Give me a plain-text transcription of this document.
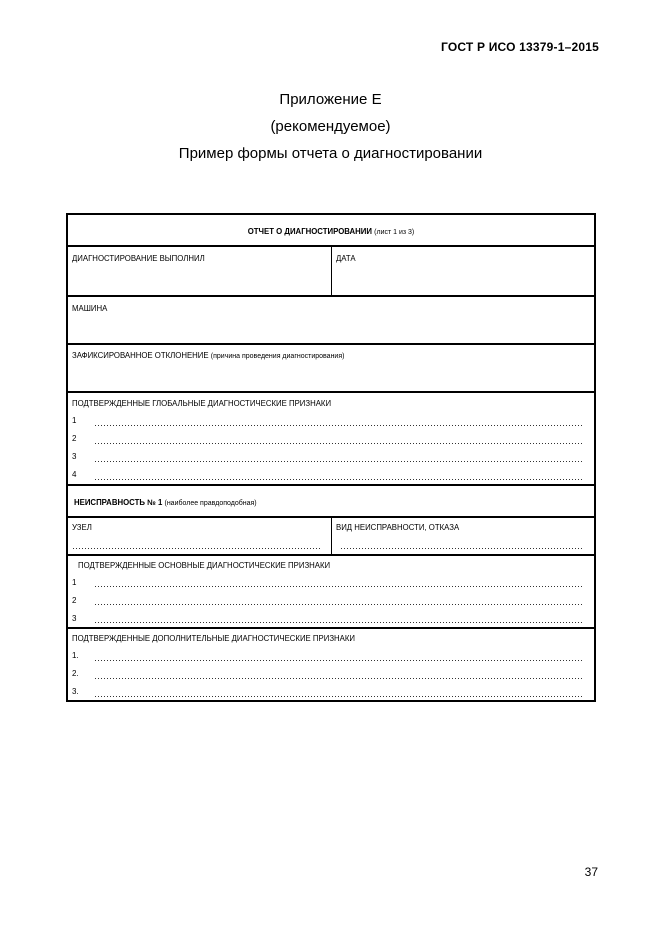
ГОСТ Р ИСО 13379-1–2015
Приложение Е
(рекомендуемое)
Пример формы отчета о диагностировании
ОТЧЕТ О ДИАГНОСТИРОВАНИИ (лист 1 из 3)
ДИАГНОСТИРОВАНИЕ ВЫПОЛНИЛ	ДАТА
МАШИНА
ЗАФИКСИРОВАННОЕ ОТКЛОНЕНИЕ (причина проведения диагностирования)
ПОДТВЕРЖДЕННЫЕ ГЛОБАЛЬНЫЕ ДИАГНОСТИЧЕСКИЕ ПРИЗНАКИ
1
2
3
4
НЕИСПРАВНОСТЬ № 1 (наиболее правдоподобная)
УЗЕЛ	ВИД НЕИСПРАВНОСТИ, ОТКАЗА
ПОДТВЕРЖДЕННЫЕ ОСНОВНЫЕ ДИАГНОСТИЧЕСКИЕ ПРИЗНАКИ
1
2
3
ПОДТВЕРЖДЕННЫЕ ДОПОЛНИТЕЛЬНЫЕ ДИАГНОСТИЧЕСКИЕ ПРИЗНАКИ
1.
2.
3.
37
